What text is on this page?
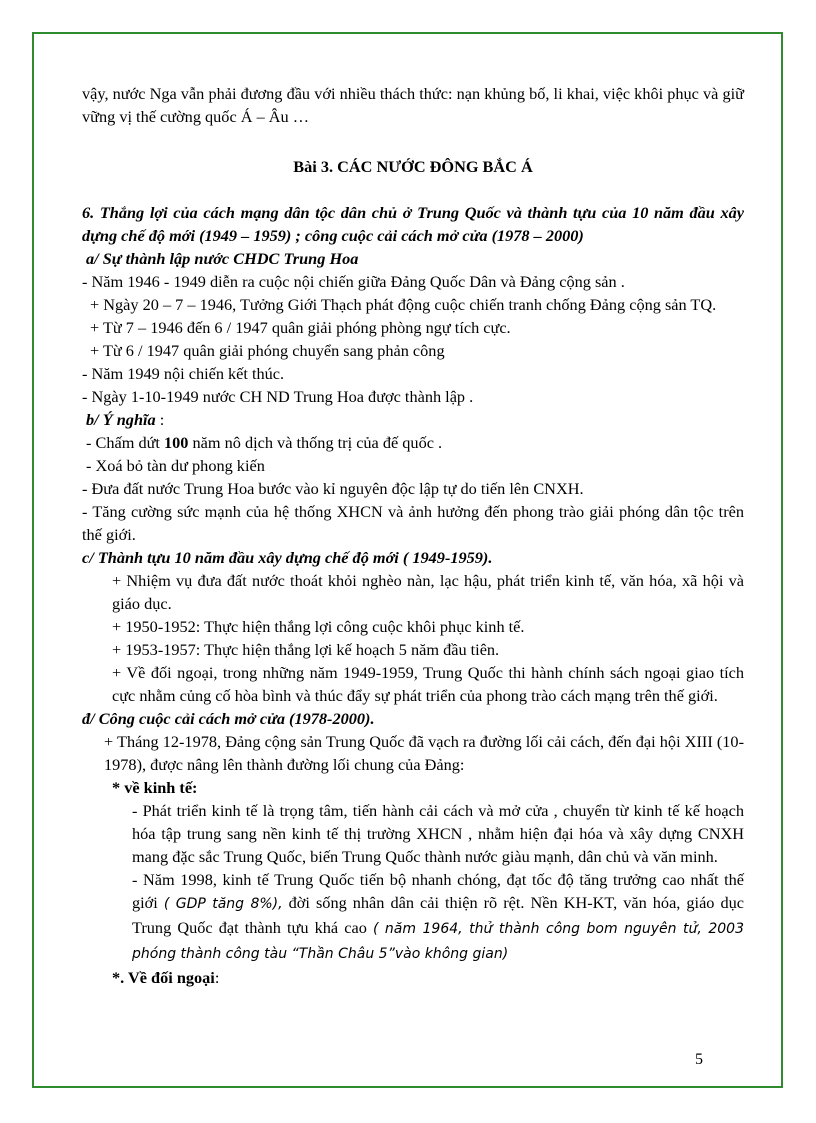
vậy, nước Nga vẫn phải đương đầu với nhiều thách thức: nạn khủng bố, li khai, việc khôi phục và giữ vững vị thế cường quốc Á – Âu …

Bài 3. CÁC NƯỚC ĐÔNG BẮC Á

6. Thắng lợi của cách mạng dân tộc dân chủ ở Trung Quốc và thành tựu của 10 năm đầu xây dựng chế độ mới (1949 – 1959) ; công cuộc cải cách mở cửa (1978 – 2000)

a/ Sự thành lập nước CHDC Trung Hoa

- Năm 1946 - 1949 diễn ra cuộc nội chiến giữa Đảng Quốc Dân và Đảng cộng sản .

+ Ngày 20 – 7 – 1946, Tưởng Giới Thạch phát động cuộc chiến tranh chống Đảng cộng sản TQ.

+ Từ 7 – 1946 đến 6 / 1947 quân giải phóng phòng ngự tích cực.

+ Từ 6 / 1947 quân giải phóng chuyển sang phản công

- Năm 1949 nội chiến kết thúc.

- Ngày 1-10-1949 nước CH ND Trung Hoa được thành lập .

b/ Ý nghĩa :

- Chấm dứt 100 năm nô dịch và thống trị của đế quốc .

- Xoá bỏ tàn dư phong kiến

- Đưa đất nước Trung Hoa bước vào kỉ nguyên độc lập tự do tiến lên CNXH.

- Tăng cường sức mạnh của hệ thống XHCN và ảnh hưởng đến phong trào giải phóng dân tộc trên thế giới.

c/ Thành tựu 10 năm đầu xây dựng chế độ mới ( 1949-1959).

+ Nhiệm vụ đưa đất nước thoát khỏi nghèo nàn, lạc hậu, phát triển kinh tế, văn hóa, xã hội và giáo dục.

+ 1950-1952: Thực hiện thắng lợi công cuộc khôi phục kinh tế.

+ 1953-1957: Thực hiện thắng lợi kế hoạch 5 năm đầu tiên.

+ Về đối ngoại, trong những năm 1949-1959, Trung Quốc thi hành chính sách ngoại giao tích cực nhằm củng cố hòa bình và thúc đẩy sự phát triển của phong trào cách mạng trên thế giới.

đ/ Công cuộc cải cách mở cửa (1978-2000).

+ Tháng 12-1978, Đảng cộng sản Trung Quốc đã vạch ra đường lối cải cách, đến đại hội XIII (10-1978), được nâng lên thành đường lối chung của Đảng:

* về kinh tế:

- Phát triển kinh tế là trọng tâm, tiến hành cải cách và mở cửa , chuyển từ kinh tế kế hoạch hóa tập trung sang nền kinh tế thị trường XHCN , nhằm hiện đại hóa và xây dựng CNXH mang đặc sắc Trung Quốc, biến Trung Quốc thành nước giàu mạnh, dân chủ và văn minh.

- Năm 1998, kinh tế Trung Quốc tiến bộ nhanh chóng, đạt tốc độ tăng trưởng cao nhất thế giới ( GDP tăng 8%), đời sống nhân dân cải thiện rõ rệt. Nền KH-KT, văn hóa, giáo dục Trung Quốc đạt thành tựu khá cao ( năm 1964, thử thành công bom nguyên tử, 2003 phóng thành công tàu “Thần Châu 5”vào không gian)

*. Về đối ngoại:

5
